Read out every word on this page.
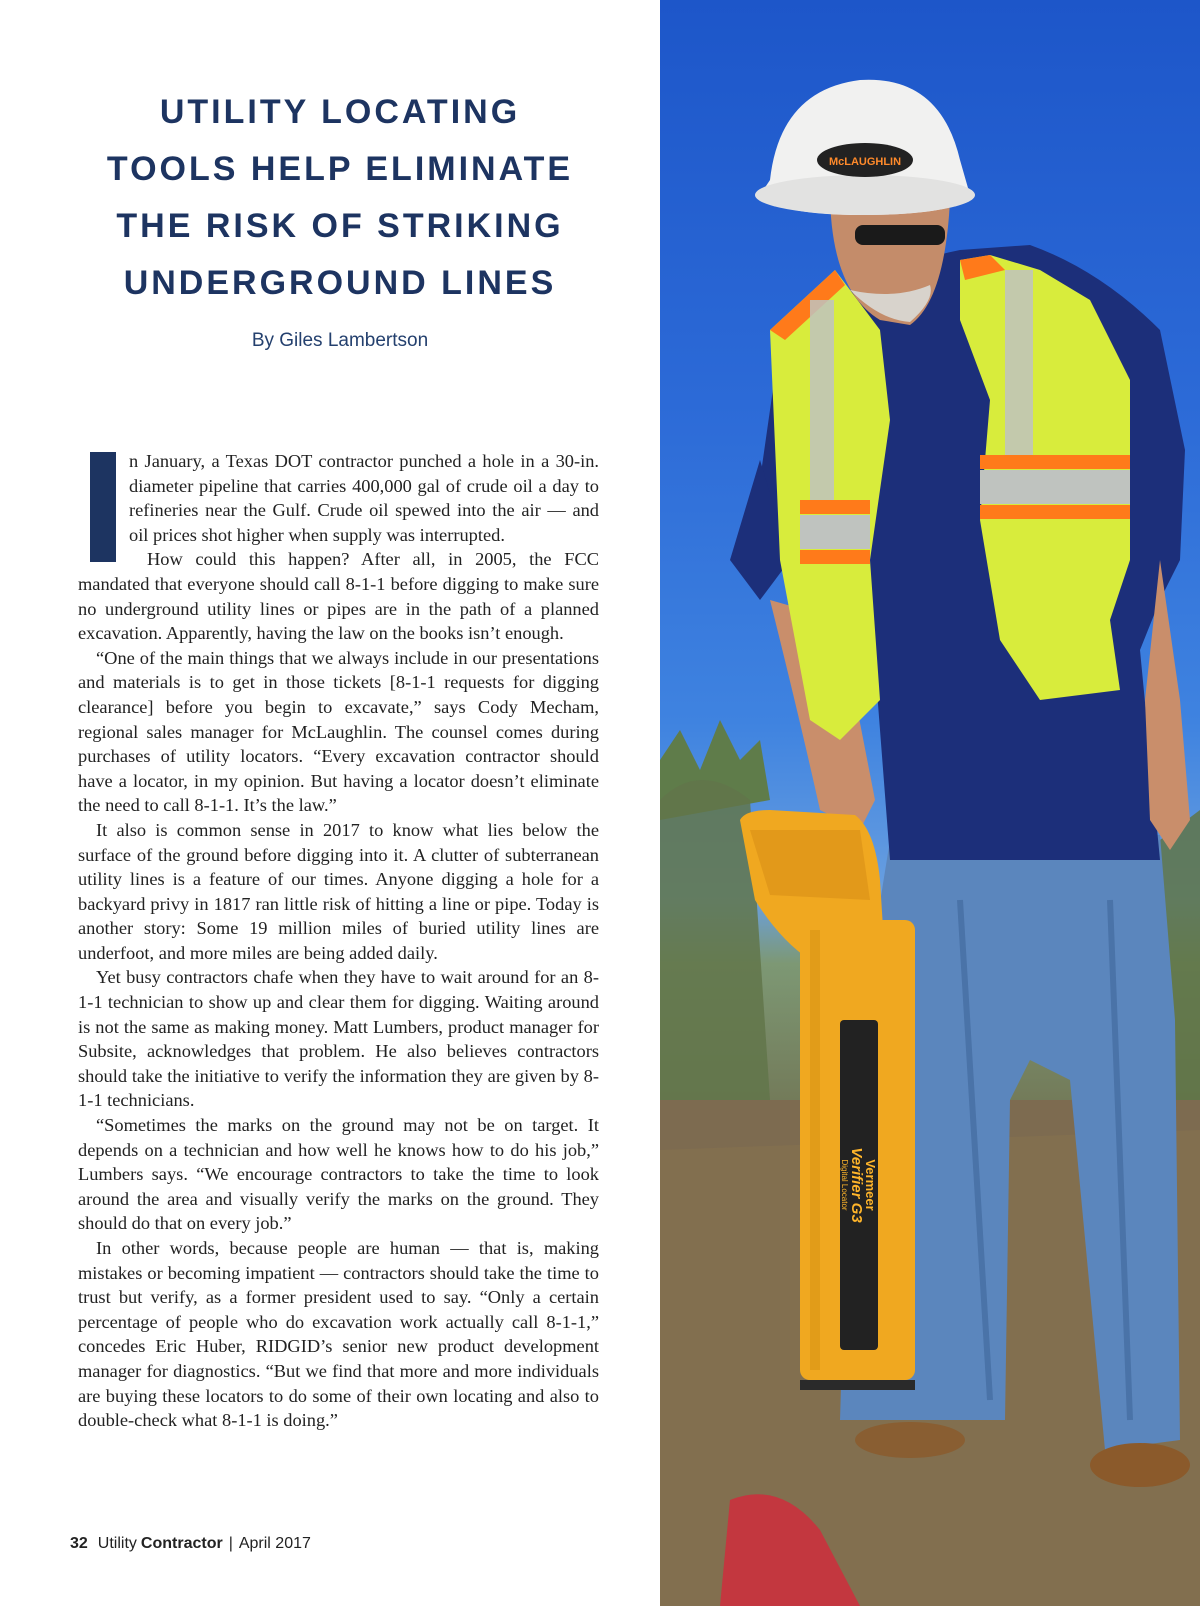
UTILITY LOCATING
TOOLS HELP ELIMINATE
THE RISK OF STRIKING
UNDERGROUND LINES
By Giles Lambertson

n January, a Texas DOT contractor punched a hole in a 30-in. diameter pipeline that carries 400,000 gal of crude oil a day to refineries near the Gulf. Crude oil spewed into the air — and oil prices shot higher when supply was interrupted.

How could this happen? After all, in 2005, the FCC mandated that everyone should call 8-1-1 before digging to make sure no underground utility lines or pipes are in the path of a planned excavation. Apparently, having the law on the books isn’t enough.

“One of the main things that we always include in our presentations and materials is to get in those tickets [8-1-1 requests for digging clearance] before you begin to excavate,” says Cody Mecham, regional sales manager for McLaughlin. The counsel comes during purchases of utility locators. “Every excavation contractor should have a locator, in my opinion. But having a locator doesn’t eliminate the need to call 8-1-1. It’s the law.”

It also is common sense in 2017 to know what lies below the surface of the ground before digging into it. A clutter of subterranean utility lines is a feature of our times. Anyone digging a hole for a backyard privy in 1817 ran little risk of hitting a line or pipe. Today is another story: Some 19 million miles of buried utility lines are underfoot, and more miles are being added daily.

Yet busy contractors chafe when they have to wait around for an 8-1-1 technician to show up and clear them for digging. Waiting around is not the same as making money. Matt Lumbers, product manager for Subsite, acknowledges that problem. He also believes contractors should take the initiative to verify the information they are given by 8-1-1 technicians.

“Sometimes the marks on the ground may not be on target. It depends on a technician and how well he knows how to do his job,” Lumbers says. “We encourage contractors to take the time to look around the area and visually verify the marks on the ground. They should do that on every job.”

In other words, because people are human — that is, making mistakes or becoming impatient — contractors should take the time to trust but verify, as a former president used to say. “Only a certain percentage of people who do excavation work actually call 8-1-1,” concedes Eric Huber, RIDGID’s senior new product development manager for diagnostics. “But we find that more and more individuals are buying these locators to do some of their own locating and also to double-check what 8-1-1 is doing.”

32 Utility Contractor | April 2017
McLAUGHLIN
Vermeer
Verifier G3
Digital Locator
